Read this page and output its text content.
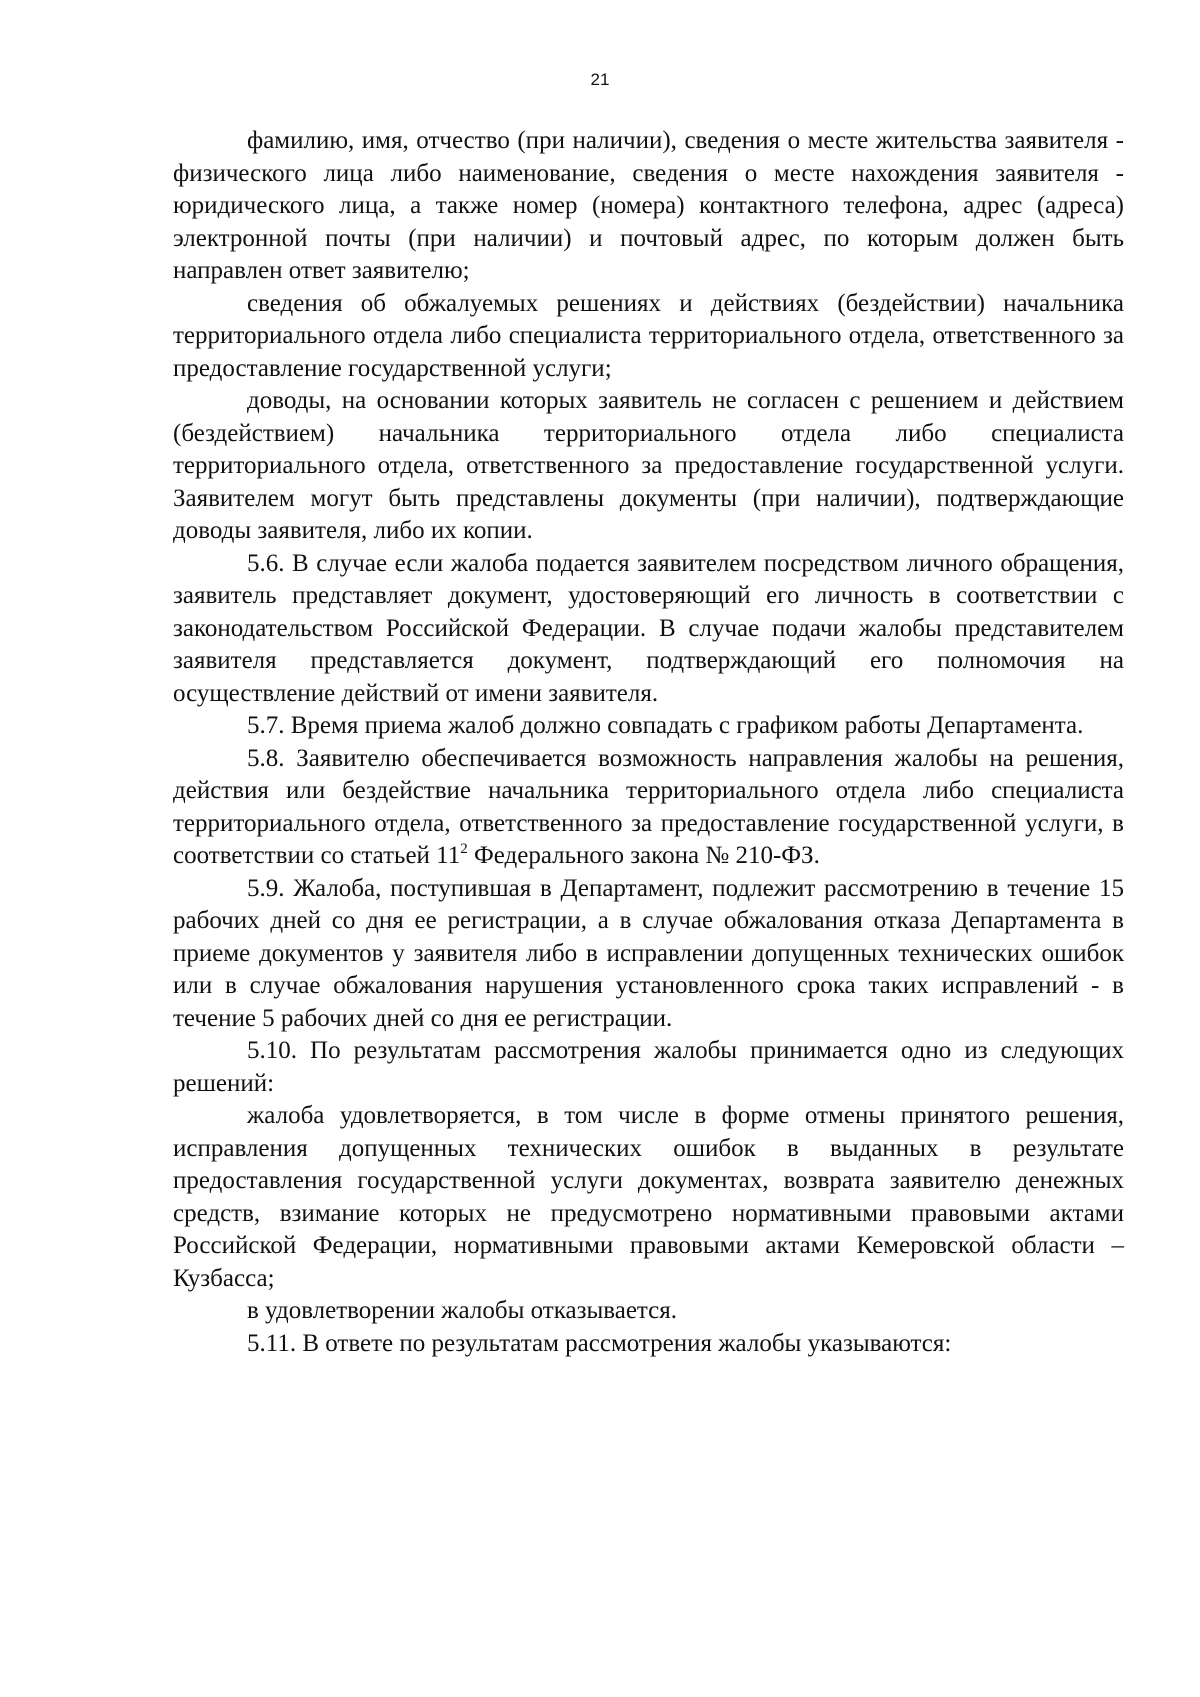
21

фамилию, имя, отчество (при наличии), сведения о месте жительства заявителя - физического лица либо наименование, сведения о месте нахождения заявителя - юридического лица, а также номер (номера) контактного телефона, адрес (адреса) электронной почты (при наличии) и почтовый адрес, по которым должен быть направлен ответ заявителю;

сведения об обжалуемых решениях и действиях (бездействии) начальника территориального отдела либо специалиста территориального отдела, ответственного за предоставление государственной услуги;

доводы, на основании которых заявитель не согласен с решением и действием (бездействием) начальника территориального отдела либо специалиста территориального отдела, ответственного за предоставление государственной услуги. Заявителем могут быть представлены документы (при наличии), подтверждающие доводы заявителя, либо их копии.

5.6. В случае если жалоба подается заявителем посредством личного обращения, заявитель представляет документ, удостоверяющий его личность в соответствии с законодательством Российской Федерации. В случае подачи жалобы представителем заявителя представляется документ, подтверждающий его полномочия на осуществление действий от имени заявителя.

5.7. Время приема жалоб должно совпадать с графиком работы Департамента.

5.8. Заявителю обеспечивается возможность направления жалобы на решения, действия или бездействие начальника территориального отдела либо специалиста территориального отдела, ответственного за предоставление государственной услуги, в соответствии со статьей $11^2$ Федерального закона № 210-ФЗ.

5.9. Жалоба, поступившая в Департамент, подлежит рассмотрению в течение 15 рабочих дней со дня ее регистрации, а в случае обжалования отказа Департамента в приеме документов у заявителя либо в исправлении допущенных технических ошибок или в случае обжалования нарушения установленного срока таких исправлений - в течение 5 рабочих дней со дня ее регистрации.

5.10. По результатам рассмотрения жалобы принимается одно из следующих решений:

жалоба удовлетворяется, в том числе в форме отмены принятого решения, исправления допущенных технических ошибок в выданных в результате предоставления государственной услуги документах, возврата заявителю денежных средств, взимание которых не предусмотрено нормативными правовыми актами Российской Федерации, нормативными правовыми актами Кемеровской области – Кузбасса;

в удовлетворении жалобы отказывается.

5.11. В ответе по результатам рассмотрения жалобы указываются:
